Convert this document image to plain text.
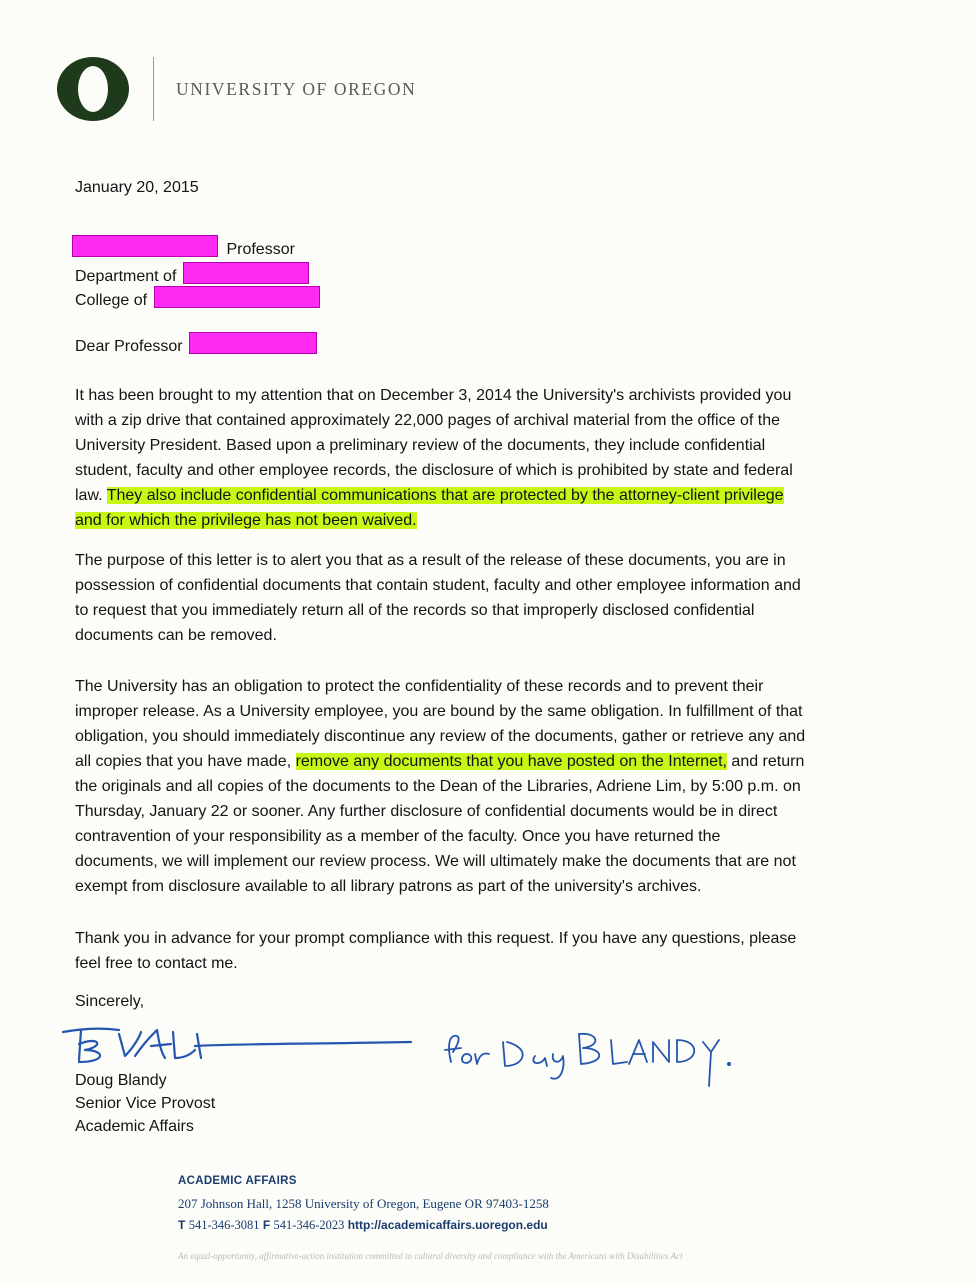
UNIVERSITY OF OREGON
January 20, 2015
Professor
Department of
College of
Dear Professor
It has been brought to my attention that on December 3, 2014 the University's archivists provided you
with a zip drive that contained approximately 22,000 pages of archival material from the office of the
University President. Based upon a preliminary review of the documents, they include confidential
student, faculty and other employee records, the disclosure of which is prohibited by state and federal
law. They also include confidential communications that are protected by the attorney-client privilege
and for which the privilege has not been waived.
The purpose of this letter is to alert you that as a result of the release of these documents, you are in
possession of confidential documents that contain student, faculty and other employee information and
to request that you immediately return all of the records so that improperly disclosed confidential
documents can be removed.
The University has an obligation to protect the confidentiality of these records and to prevent their
improper release. As a University employee, you are bound by the same obligation. In fulfillment of that
obligation, you should immediately discontinue any review of the documents, gather or retrieve any and
all copies that you have made, remove any documents that you have posted on the Internet, and return
the originals and all copies of the documents to the Dean of the Libraries, Adriene Lim, by 5:00 p.m. on
Thursday, January 22 or sooner. Any further disclosure of confidential documents would be in direct
contravention of your responsibility as a member of the faculty. Once you have returned the
documents, we will implement our review process. We will ultimately make the documents that are not
exempt from disclosure available to all library patrons as part of the university's archives.
Thank you in advance for your prompt compliance with this request. If you have any questions, please
feel free to contact me.
Sincerely,
Doug Blandy
Senior Vice Provost
Academic Affairs
ACADEMIC AFFAIRS
207 Johnson Hall, 1258 University of Oregon, Eugene OR 97403-1258
T 541-346-3081 F 541-346-2023 http://academicaffairs.uoregon.edu
An equal-opportunity, affirmative-action institution committed to cultural diversity and compliance with the Americans with Disabilities Act
